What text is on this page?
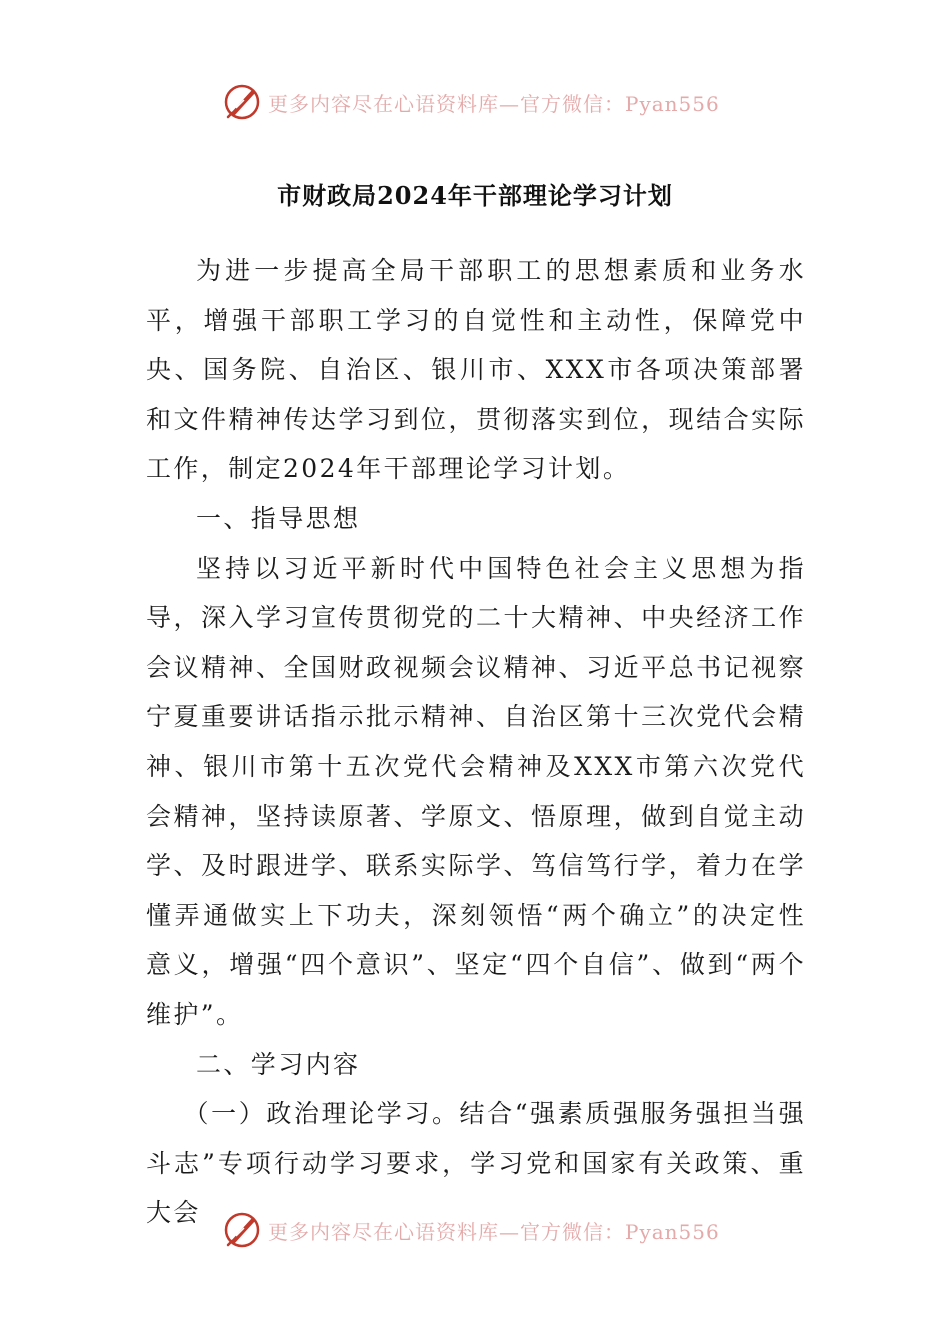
更多内容尽在心语资料库—官方微信：Pyan556
市财政局2024年干部理论学习计划

为进一步提高全局干部职工的思想素质和业务水平，增强干部职工学习的自觉性和主动性，保障党中央、国务院、自治区、银川市、XXX市各项决策部署和文件精神传达学习到位，贯彻落实到位，现结合实际工作，制定2024年干部理论学习计划。

一、指导思想

坚持以习近平新时代中国特色社会主义思想为指导，深入学习宣传贯彻党的二十大精神、中央经济工作会议精神、全国财政视频会议精神、习近平总书记视察宁夏重要讲话指示批示精神、自治区第十三次党代会精神、银川市第十五次党代会精神及XXX市第六次党代会精神，坚持读原著、学原文、悟原理，做到自觉主动学、及时跟进学、联系实际学、笃信笃行学，着力在学懂弄通做实上下功夫，深刻领悟“两个确立”的决定性意义，增强“四个意识”、坚定“四个自信”、做到“两个维护”。

二、学习内容

（一）政治理论学习。结合“强素质强服务强担当强斗志”专项行动学习要求，学习党和国家有关政策、重大会

更多内容尽在心语资料库—官方微信：Pyan556
